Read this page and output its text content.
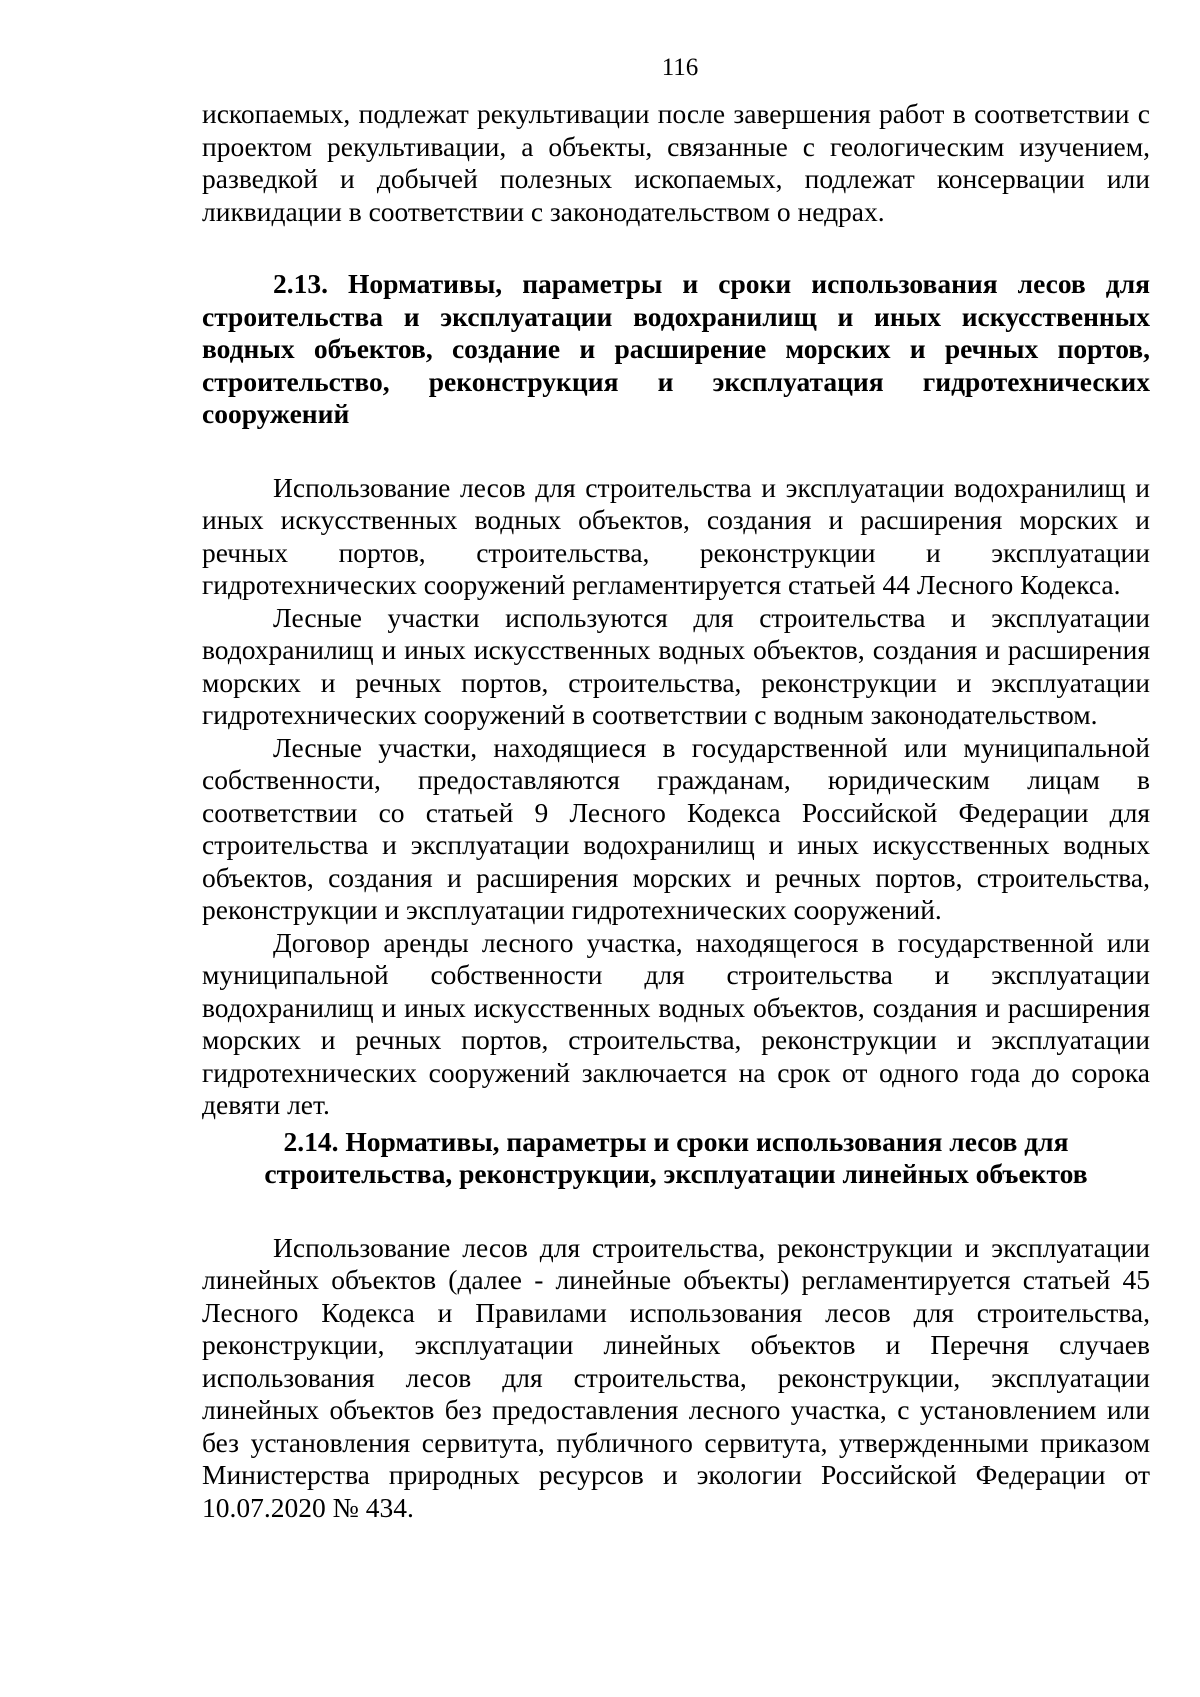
116

ископаемых, подлежат рекультивации после завершения работ в соответствии с проектом рекультивации, а объекты, связанные с геологическим изучением, разведкой и добычей полезных ископаемых, подлежат консервации или ликвидации в соответствии с законодательством о недрах.

2.13. Нормативы, параметры и сроки использования лесов для строительства и эксплуатации водохранилищ и иных искусственных водных объектов, создание и расширение морских и речных портов, строительство, реконструкция и эксплуатация гидротехнических сооружений

Использование лесов для строительства и эксплуатации водохранилищ и иных искусственных водных объектов, создания и расширения морских и речных портов, строительства, реконструкции и эксплуатации гидротехнических сооружений регламентируется статьей 44 Лесного Кодекса.

Лесные участки используются для строительства и эксплуатации водохранилищ и иных искусственных водных объектов, создания и расширения морских и речных портов, строительства, реконструкции и эксплуатации гидротехнических сооружений в соответствии с водным законодательством.

Лесные участки, находящиеся в государственной или муниципальной собственности, предоставляются гражданам, юридическим лицам в соответствии со статьей 9 Лесного Кодекса Российской Федерации для строительства и эксплуатации водохранилищ и иных искусственных водных объектов, создания и расширения морских и речных портов, строительства, реконструкции и эксплуатации гидротехнических сооружений.

Договор аренды лесного участка, находящегося в государственной или муниципальной собственности для строительства и эксплуатации водохранилищ и иных искусственных водных объектов, создания и расширения морских и речных портов, строительства, реконструкции и эксплуатации гидротехнических сооружений заключается на срок от одного года до сорока девяти лет.

2.14. Нормативы, параметры и сроки использования лесов для строительства, реконструкции, эксплуатации линейных объектов

Использование лесов для строительства, реконструкции и эксплуатации линейных объектов (далее - линейные объекты) регламентируется статьей 45 Лесного Кодекса и Правилами использования лесов для строительства, реконструкции, эксплуатации линейных объектов и Перечня случаев использования лесов для строительства, реконструкции, эксплуатации линейных объектов без предоставления лесного участка, с установлением или без установления сервитута, публичного сервитута, утвержденными приказом Министерства природных ресурсов и экологии Российской Федерации от 10.07.2020 № 434.
